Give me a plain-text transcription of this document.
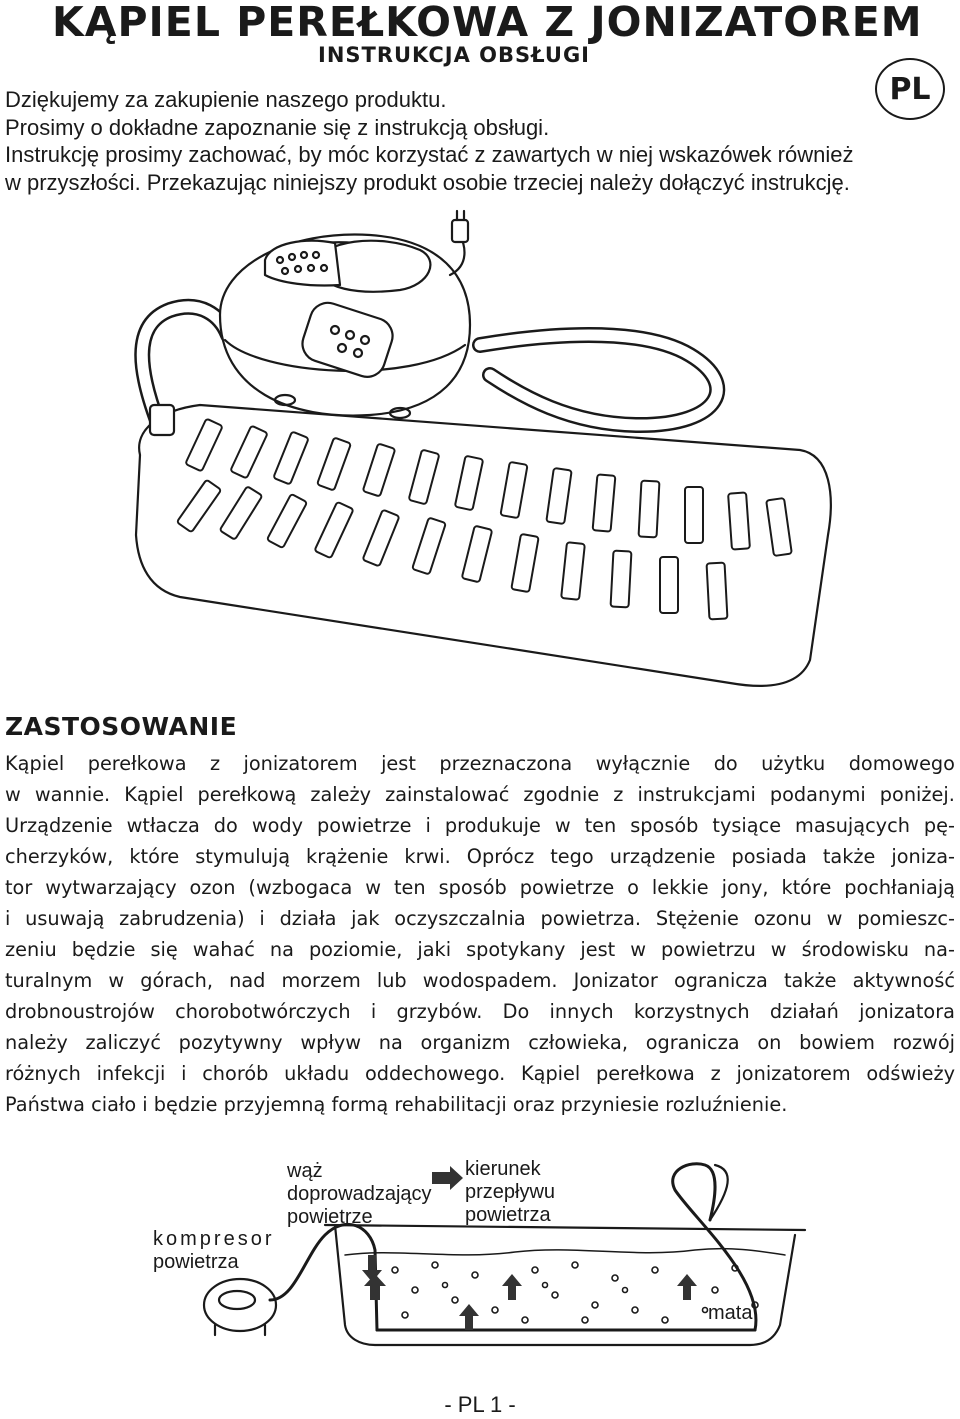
KĄPIEL PEREŁKOWA Z JONIZATOREM
INSTRUKCJA OBSŁUGI
PL
Dziękujemy za zakupienie naszego produktu.
Prosimy o dokładne zapoznanie się z instrukcją obsługi.
Instrukcję prosimy zachować, by móc korzystać z zawartych w niej wskazówek również
w przyszłości. Przekazując niniejszy produkt osobie trzeciej należy dołączyć instrukcję.
ZASTOSOWANIE
Kąpiel perełkowa z jonizatorem jest przeznaczona wyłącznie do użytku domowego
w wannie. Kąpiel perełkową zależy zainstalować zgodnie z instrukcjami podanymi poniżej.
Urządzenie wtłacza do wody powietrze i produkuje w ten sposób tysiące masujących pę-
cherzyków, które stymulują krążenie krwi. Oprócz tego urządzenie posiada także joniza-
tor wytwarzający ozon (wzbogaca w ten sposób powietrze o lekkie jony, które pochłaniają
i usuwają zabrudzenia) i działa jak oczyszczalnia powietrza. Stężenie ozonu w pomieszc-
zeniu będzie się wahać na poziomie, jaki spotykany jest w powietrzu w środowisku na-
turalnym w górach, nad morzem lub wodospadem. Jonizator ogranicza także aktywność
drobnoustrojów chorobotwórczych i grzybów. Do innych korzystnych działań jonizatora
należy zaliczyć pozytywny wpływ na organizm człowieka, ogranicza on bowiem rozwój
różnych infekcji i chorób układu oddechowego. Kąpiel perełkowa z jonizatorem odświeży
Państwa ciało i będzie przyjemną formą rehabilitacji oraz przyniesie rozluźnienie.
kompresor
powietrza
wąż
doprowadzający
powietrze
kierunek
przepływu
powietrza
mata
- PL 1 -
